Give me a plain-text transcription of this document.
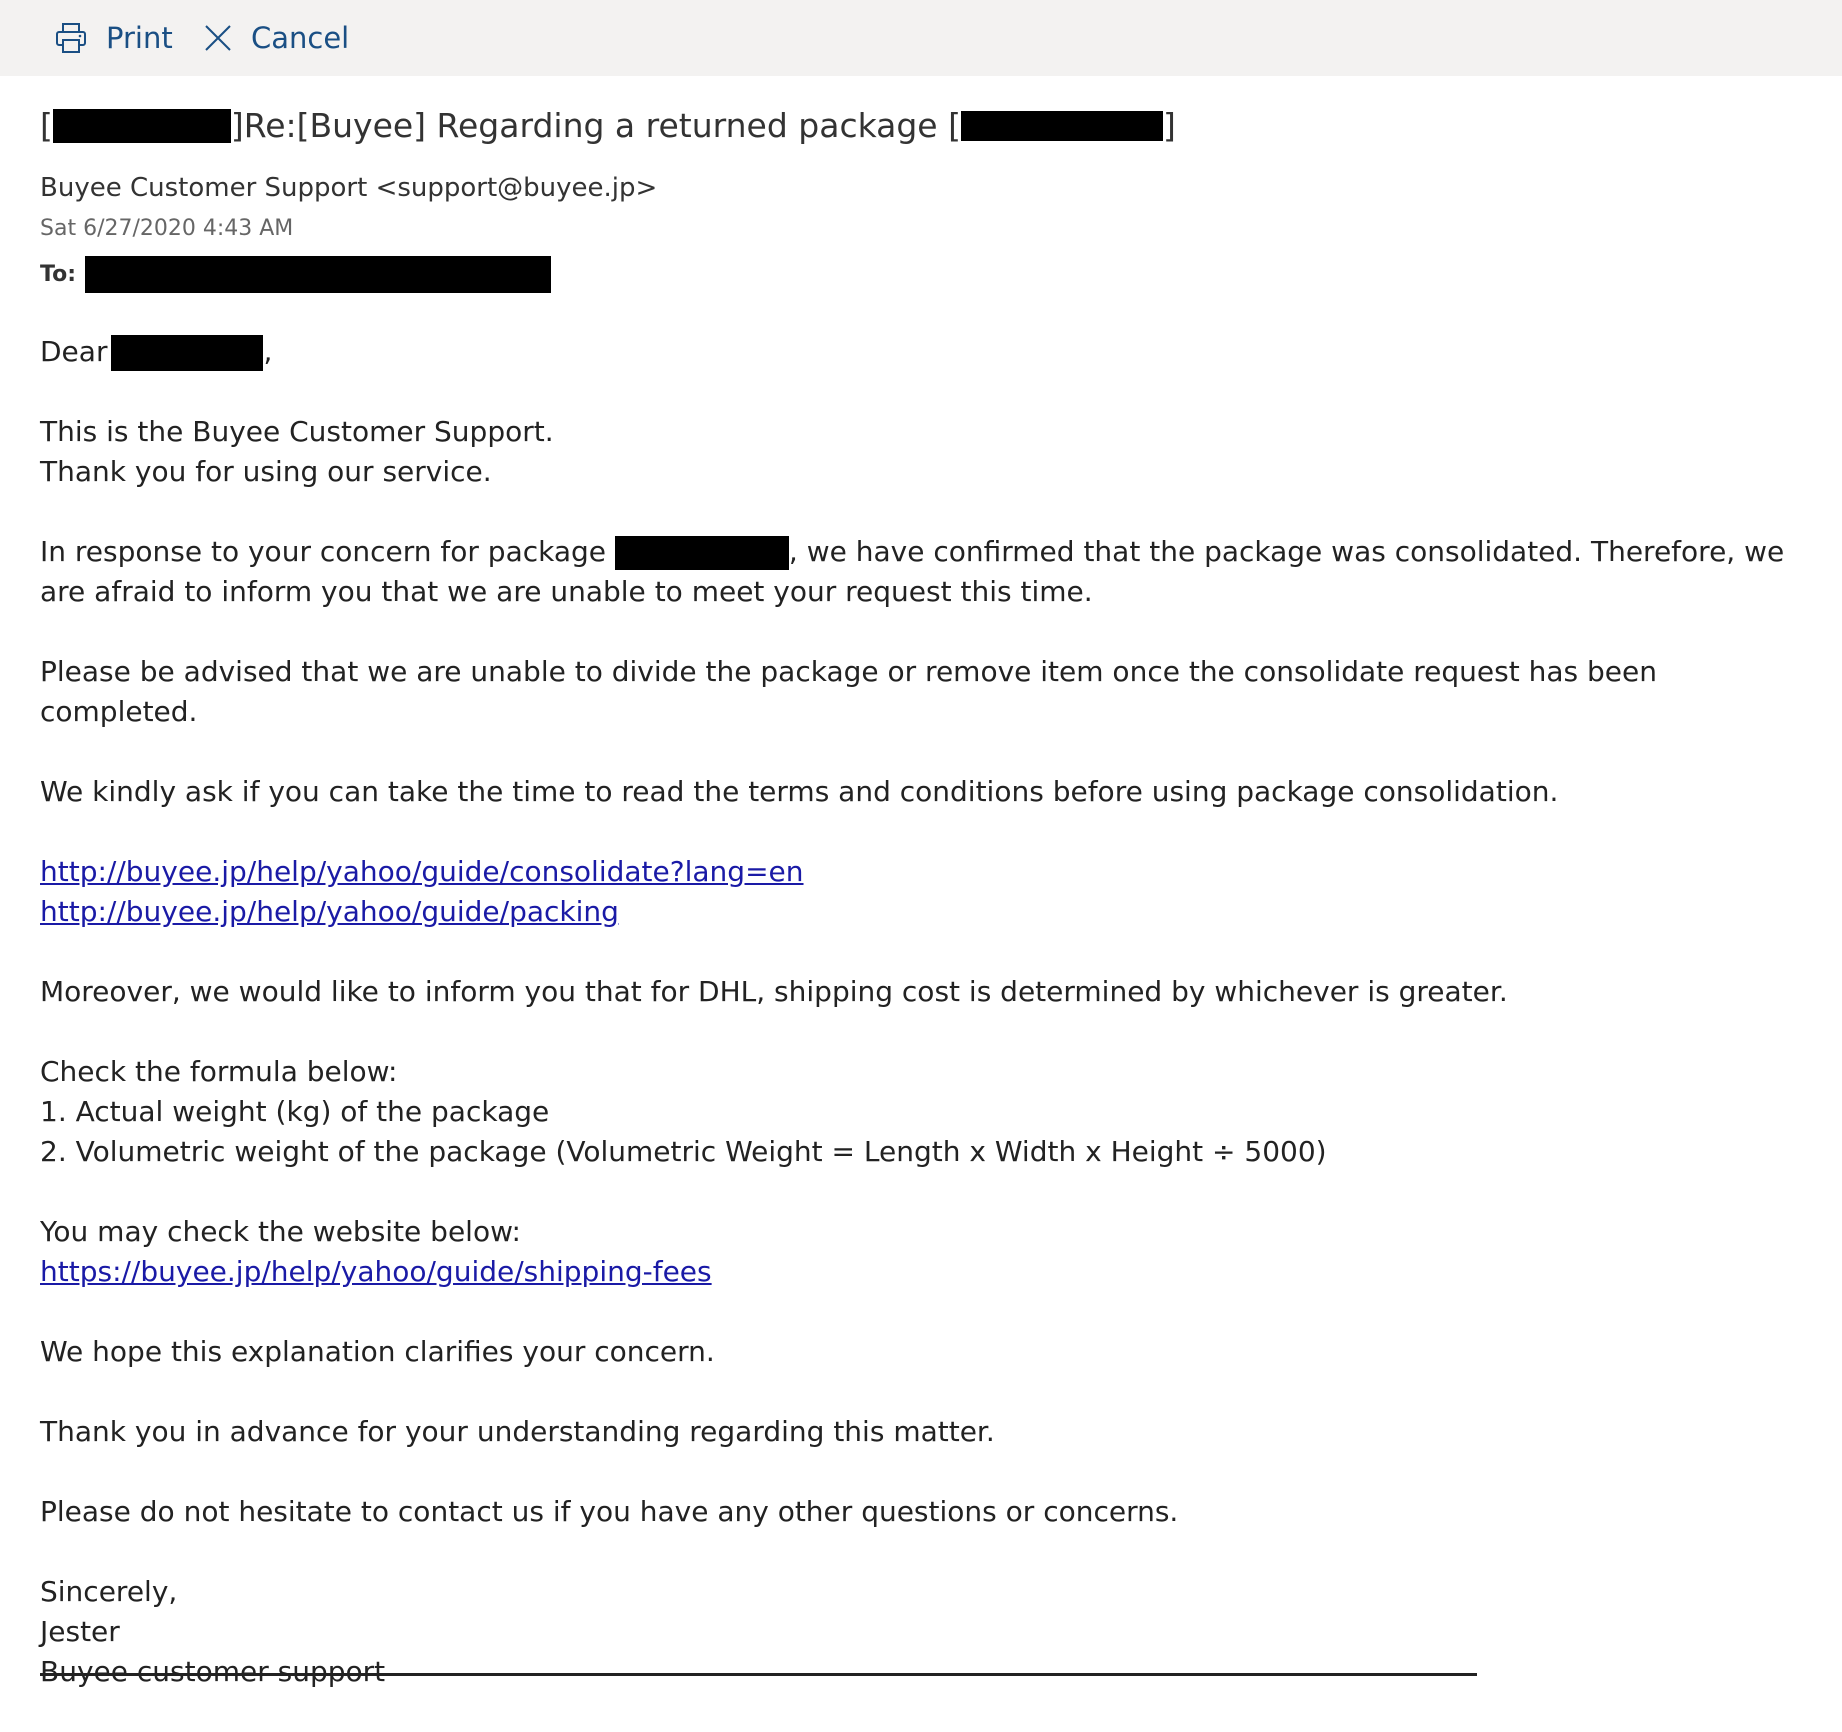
Print	Cancel
[	]Re:[Buyee] Regarding a returned package [	]
Buyee Customer Support <support@buyee.jp>
Sat 6/27/2020 4:43 AM
To:

Dear	,

This is the Buyee Customer Support.
Thank you for using our service.

In response to your concern for package	, we have confirmed that the package was consolidated. Therefore, we are afraid to inform you that we are unable to meet your request this time.

Please be advised that we are unable to divide the package or remove item once the consolidate request has been completed.

We kindly ask if you can take the time to read the terms and conditions before using package consolidation.

http://buyee.jp/help/yahoo/guide/consolidate?lang=en
http://buyee.jp/help/yahoo/guide/packing

Moreover, we would like to inform you that for DHL, shipping cost is determined by whichever is greater.

Check the formula below:
1. Actual weight (kg) of the package
2. Volumetric weight of the package (Volumetric Weight = Length x Width x Height ÷ 5000)

You may check the website below:
https://buyee.jp/help/yahoo/guide/shipping-fees

We hope this explanation clarifies your concern.

Thank you in advance for your understanding regarding this matter.

Please do not hesitate to contact us if you have any other questions or concerns.

Sincerely,
Jester
Buyee customer support
